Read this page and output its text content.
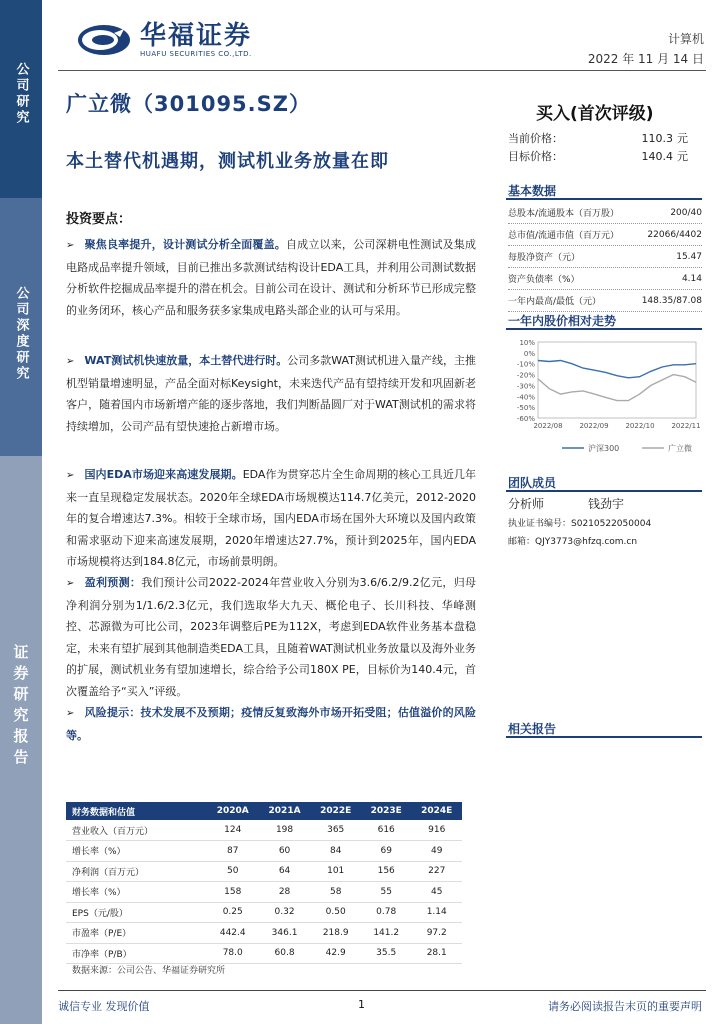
公司研究
公司深度研究
证券研究报告
华福证券
HUAFU SECURITIES CO.,LTD.
计算机
2022 年 11 月 14 日
广立微（301095.SZ）
本土替代机遇期，测试机业务放量在即
买入(首次评级)
当前价格：	110.3 元
目标价格：	140.4 元
基本数据
总股本/流通股本（百万股）	200/40
总市值/流通市值（百万元）	22066/4402
每股净资产（元）	15.47
资产负债率（%）	4.14
一年内最高/最低（元）	148.35/87.08
一年内股价相对走势
10%
0%
-10%
-20%
-30%
-40%
-50%
-60%
2022/08 2022/09 2022/10 2022/11
沪深300	广立微
团队成员
分析师	钱劲宇
执业证书编号：S0210522050004
邮箱：QJY3773@hfzq.com.cn
相关报告
投资要点：
➢ 聚焦良率提升，设计测试分析全面覆盖。自成立以来，公司深耕电性测试及集成电路成品率提升领域，目前已推出多款测试结构设计EDA工具，并利用公司测试数据分析软件挖掘成品率提升的潜在机会。目前公司在设计、测试和分析环节已形成完整的业务闭环，核心产品和服务获多家集成电路头部企业的认可与采用。
➢ WAT测试机快速放量，本土替代进行时。公司多款WAT测试机进入量产线，主推机型销量增速明显，产品全面对标Keysight，未来迭代产品有望持续开发和巩固新老客户，随着国内市场新增产能的逐步落地，我们判断晶圆厂对于WAT测试机的需求将持续增加，公司产品有望快速抢占新增市场。
➢ 国内EDA市场迎来高速发展期。EDA作为贯穿芯片全生命周期的核心工具近几年来一直呈现稳定发展状态。2020年全球EDA市场规模达114.7亿美元，2012-2020年的复合增速达7.3%。相较于全球市场，国内EDA市场在国外大环境以及国内政策和需求驱动下迎来高速发展期，2020年增速达27.7%，预计到2025年，国内EDA市场规模将达到184.8亿元，市场前景明朗。
➢ 盈利预测：我们预计公司2022-2024年营业收入分别为3.6/6.2/9.2亿元，归母净利润分别为1/1.6/2.3亿元，我们选取华大九天、概伦电子、长川科技、华峰测控、芯源微为可比公司，2023年调整后PE为112X，考虑到EDA软件业务基本盘稳定，未来有望扩展到其他制造类EDA工具，且随着WAT测试机业务放量以及海外业务的扩展，测试机业务有望加速增长，综合给予公司180X PE，目标价为140.4元，首次覆盖给予“买入”评级。
➢ 风险提示：技术发展不及预期；疫情反复致海外市场开拓受阻；估值溢价的风险等。
财务数据和估值	2020A	2021A	2022E	2023E	2024E
营业收入（百万元）	124	198	365	616	916
增长率（%）	87	60	84	69	49
净利润（百万元）	50	64	101	156	227
增长率（%）	158	28	58	55	45
EPS（元/股）	0.25	0.32	0.50	0.78	1.14
市盈率（P/E）	442.4	346.1	218.9	141.2	97.2
市净率（P/B）	78.0	60.8	42.9	35.5	28.1
数据来源：公司公告、华福证券研究所
诚信专业 发现价值	1	请务必阅读报告末页的重要声明
